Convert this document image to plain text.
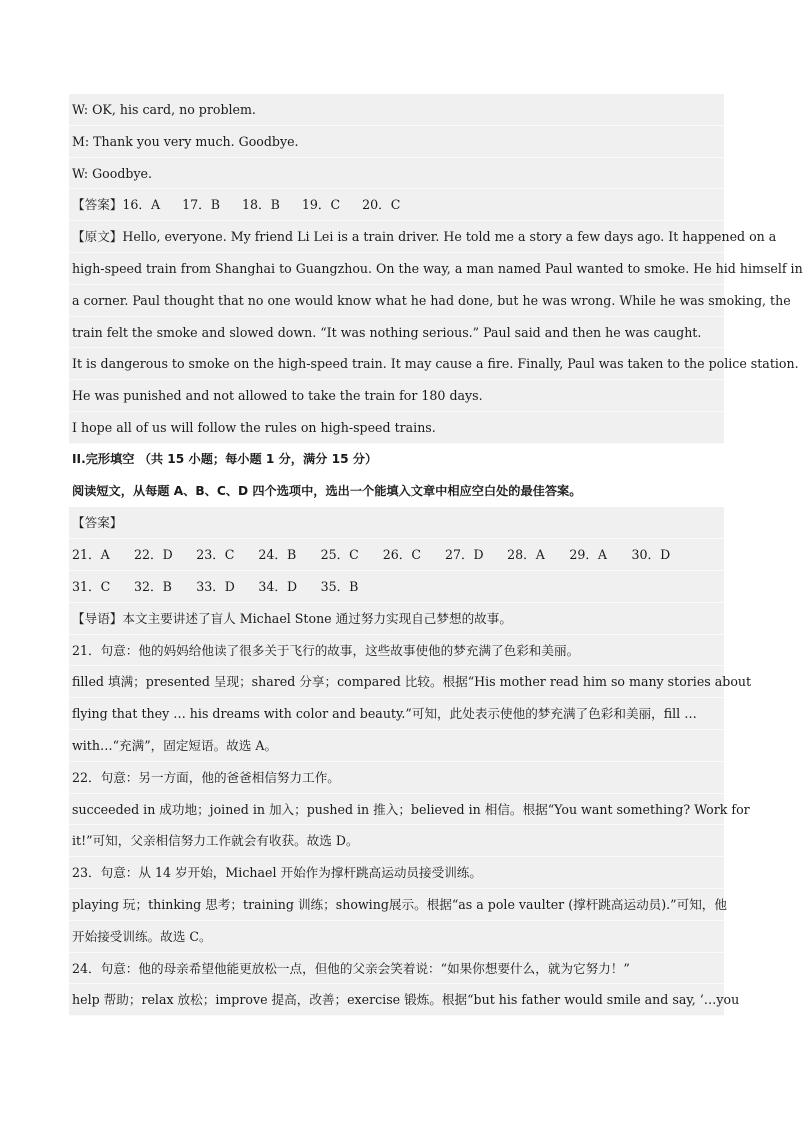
W: OK, his card, no problem.
M: Thank you very much. Goodbye.
W: Goodbye.
【答案】16．A 17．B 18．B 19．C 20．C
【原文】Hello, everyone. My friend Li Lei is a train driver. He told me a story a few days ago. It happened on a
high-speed train from Shanghai to Guangzhou. On the way, a man named Paul wanted to smoke. He hid himself in
a corner. Paul thought that no one would know what he had done, but he was wrong. While he was smoking, the
train felt the smoke and slowed down. “It was nothing serious.” Paul said and then he was caught.
It is dangerous to smoke on the high-speed train. It may cause a fire. Finally, Paul was taken to the police station.
He was punished and not allowed to take the train for 180 days.
I hope all of us will follow the rules on high-speed trains.
II.完形填空 （共 15 小题；每小题 1 分，满分 15 分）
阅读短文，从每题 A、B、C、D 四个选项中，选出一个能填入文章中相应空白处的最佳答案。
【答案】
21．A 22．D 23．C 24．B 25．C 26．C 27．D 28．A 29．A 30．D
31．C 32．B 33．D 34．D 35．B
【导语】本文主要讲述了盲人 Michael Stone 通过努力实现自己梦想的故事。
21．句意：他的妈妈给他读了很多关于飞行的故事，这些故事使他的梦充满了色彩和美丽。
filled 填满；presented 呈现；shared 分享；compared 比较。根据“His mother read him so many stories about
flying that they … his dreams with color and beauty.”可知，此处表示使他的梦充满了色彩和美丽，fill …
with…“充满”，固定短语。故选 A。
22．句意：另一方面，他的爸爸相信努力工作。
succeeded in 成功地；joined in 加入；pushed in 推入；believed in 相信。根据“You want something? Work for
it!”可知，父亲相信努力工作就会有收获。故选 D。
23．句意：从 14 岁开始，Michael 开始作为撑杆跳高运动员接受训练。
playing 玩；thinking 思考；training 训练；showing展示。根据“as a pole vaulter (撑杆跳高运动员).”可知，他
开始接受训练。故选 C。
24．句意：他的母亲希望他能更放松一点，但他的父亲会笑着说：“如果你想要什么，就为它努力！”
help 帮助；relax 放松；improve 提高，改善；exercise 锻炼。根据“but his father would smile and say, ‘…you
